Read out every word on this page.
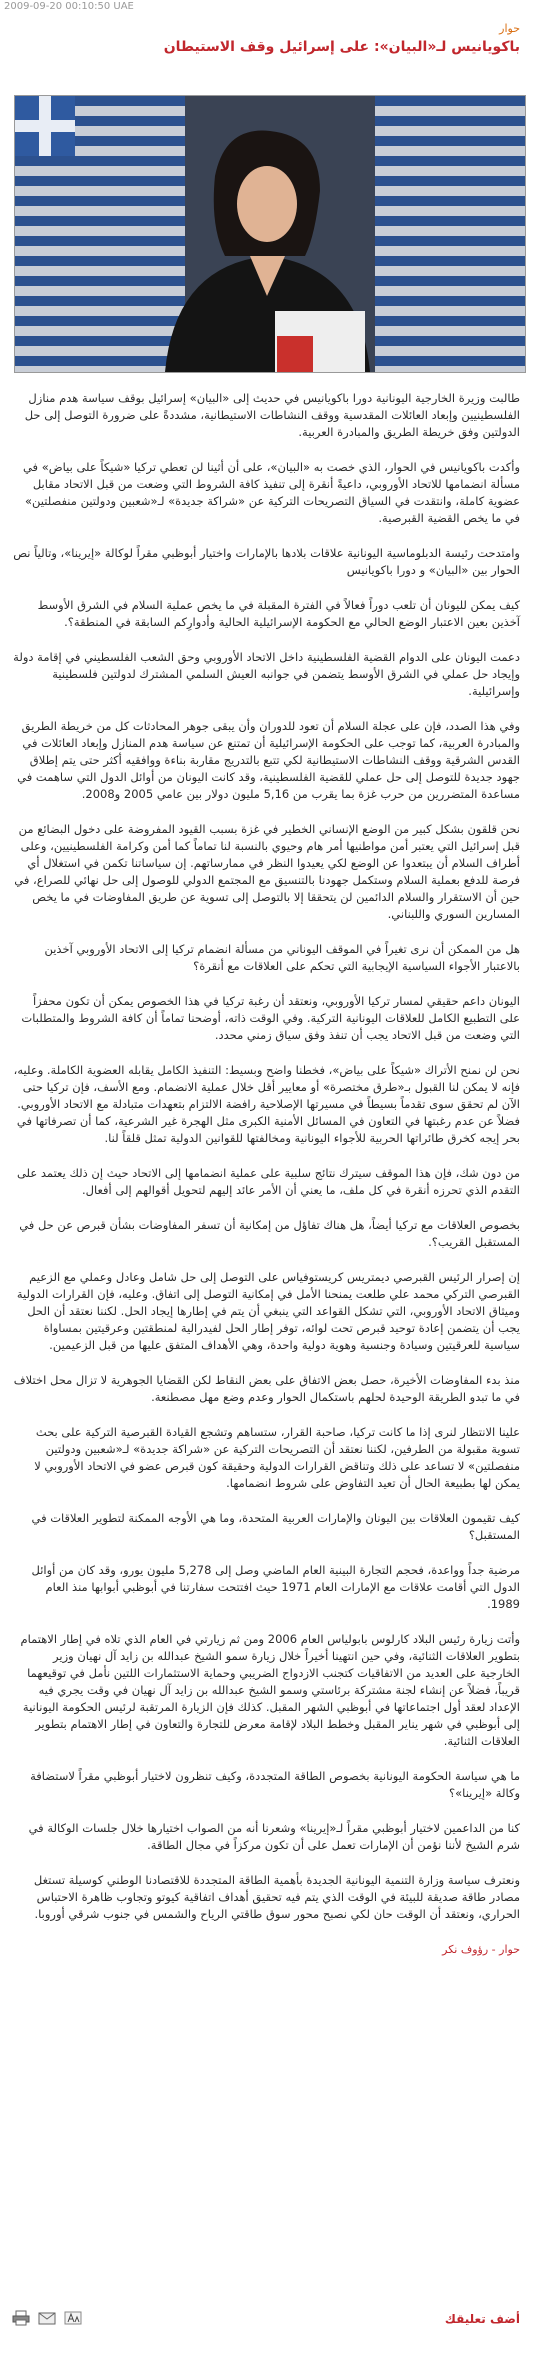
2009-09-20 00:10:50 UAE
حوار
باكويانيس لـ«البيان»: على إسرائيل وقف الاستيطان

طالبت وزيرة الخارجية اليونانية دورا باكويانيس في حديث إلى «البيان» إسرائيل بوقف سياسة هدم منازل الفلسطينيين وإبعاد العائلات المقدسية ووقف النشاطات الاستيطانية، مشددةً على ضرورة التوصل إلى حل الدولتين وفق خريطة الطريق والمبادرة العربية.

وأكدت باكويانيس في الحوار، الذي خصت به «البيان»، على أن أثينا لن تعطي تركيا «شيكاً على بياض» في مسألة انضمامها للاتحاد الأوروبي، داعيةً أنقرة إلى تنفيذ كافة الشروط التي وضعت من قبل الاتحاد مقابل عضوية كاملة، وانتقدت في السياق التصريحات التركية عن «شراكة جديدة» لـ«شعبين ودولتين منفصلتين» في ما يخص القضية القبرصية.

وامتدحت رئيسة الدبلوماسية اليونانية علاقات بلادها بالإمارات واختيار أبوظبي مقراً لوكالة «إيرينا»، وتالياً نص الحوار بين «البيان» و دورا باكويانيس

كيف يمكن لليونان أن تلعب دوراً فعالاً في الفترة المقبلة في ما يخص عملية السلام في الشرق الأوسط آخذين بعين الاعتبار الوضع الحالي مع الحكومة الإسرائيلية الحالية وأدوارِكم السابقة في المنطقة؟.

دعمت اليونان على الدوام القضية الفلسطينية داخل الاتحاد الأوروبي وحق الشعب الفلسطيني في إقامة دولة وإيجاد حل عملي في الشرق الأوسط يتضمن في جوانبه العيش السلمي المشترك لدولتين فلسطينية وإسرائيلية.

وفي هذا الصدد، فإن على عجلة السلام أن تعود للدوران وأن يبقى جوهر المحادثات كل من خريطة الطريق والمبادرة العربية، كما توجب على الحكومة الإسرائيلية أن تمتنع عن سياسة هدم المنازل وإبعاد العائلات في القدس الشرقية ووقف النشاطات الاستيطانية لكي تتبع بالتدريج مقاربة بناءة ووافقيه أكثر حتى يتم إطلاق جهود جديدة للتوصل إلى حل عملي للقضية الفلسطينية، وقد كانت اليونان من أوائل الدول التي ساهمت في مساعدة المتضررين من حرب غزة بما يقرب من 5,16 مليون دولار بين عامي 2005 و2008.

نحن قلقون بشكل كبير من الوضع الإنساني الخطير في غزة بسبب القيود المفروضة على دخول البضائع من قبل إسرائيل التي يعتبر أمن مواطنيها أمر هام وحيوي بالنسبة لنا تماماً كما أمن وكرامة الفلسطينيين، وعلى أطراف السلام أن يبتعدوا عن الوضع لكي يعيدوا النظر في ممارساتهم. إن سياساتنا تكمن في استغلال أي فرصة للدفع بعملية السلام وستكمل جهودنا بالتنسيق مع المجتمع الدولي للوصول إلى حل نهائي للصراع، في حين أن الاستقرار والسلام الدائمين لن يتحققا إلا بالتوصل إلى تسوية عن طريق المفاوضات في ما يخص المسارين السوري واللبناني.

هل من الممكن أن نرى تغيراً في الموقف اليوناني من مسألة انضمام تركيا إلى الاتحاد الأوروبي آخذين بالاعتبار الأجواء السياسية الإيجابية التي تحكم على العلاقات مع أنقرة؟

اليونان داعم حقيقي لمسار تركيا الأوروبي، ونعتقد أن رغبة تركيا في هذا الخصوص يمكن أن تكون محفزاً على التطبيع الكامل للعلاقات اليونانية التركية. وفي الوقت ذاته، أوضحنا تماماً أن كافة الشروط والمتطلبات التي وضعت من قبل الاتحاد يجب أن تنفذ وفق سياق زمني محدد.

نحن لن نمنح الأتراك «شيكاً على بياض»، فخطنا واضح وبسيط: التنفيذ الكامل يقابله العضوية الكاملة. وعليه، فإنه لا يمكن لنا القبول بـ«طرق مختصرة» أو معايير أقل خلال عملية الانضمام. ومع الأسف، فإن تركيا حتى الآن لم تحقق سوى تقدماً بسيطاً في مسيرتها الإصلاحية رافضة الالتزام بتعهدات متبادلة مع الاتحاد الأوروبي. فضلاً عن عدم رغبتها في التعاون في المسائل الأمنية الكبرى مثل الهجرة غير الشرعية، كما أن تصرفاتها في بحر إيجه كخرق طائراتها الحربية للأجواء اليونانية ومخالفتها للقوانين الدولية تمثل قلقاً لنا.

من دون شك، فإن هذا الموقف سيترك نتائج سلبية على عملية انضمامها إلى الاتحاد حيث إن ذلك يعتمد على التقدم الذي تحرزه أنقرة في كل ملف، ما يعني أن الأمر عائد إليهم لتحويل أقوالهم إلى أفعال.

بخصوص العلاقات مع تركيا أيضاً، هل هناك تفاؤل من إمكانية أن تسفر المفاوضات بشأن قبرص عن حل في المستقبل القريب؟.

إن إصرار الرئيس القبرصي ديمتريس كريستوفياس على التوصل إلى حل شامل وعادل وعملي مع الزعيم القبرصي التركي محمد علي طلعت يمنحنا الأمل في إمكانية التوصل إلى اتفاق. وعليه، فإن القرارات الدولية وميثاق الاتحاد الأوروبي، التي تشكل القواعد التي ينبغي أن يتم في إطارها إيجاد الحل. لكننا نعتقد أن الحل يجب أن يتضمن إعادة توحيد قبرص تحت لوائه، توفر إطار الحل لفيدرالية لمنطقتين وعرقيتين بمساواة سياسية للعرقيتين وسيادة وجنسية وهوية دولية واحدة، وهي الأهداف المتفق عليها من قبل الزعيمين.

منذ بدء المفاوضات الأخيرة، حصل بعض الاتفاق على بعض النقاط لكن القضايا الجوهرية لا تزال محل اختلاف في ما تبدو الطريقة الوحيدة لحلهم باستكمال الحوار وعدم وضع مهل مصطنعة.

علينا الانتظار لنرى إذا ما كانت تركيا، صاحبة القرار، ستساهم وتشجع القيادة القبرصية التركية على بحث تسوية مقبولة من الطرفين، لكننا نعتقد أن التصريحات التركية عن «شراكة جديدة» لـ«شعبين ودولتين منفصلتين» لا تساعد على ذلك وتناقض القرارات الدولية وحقيقة كون قبرص عضو في الاتحاد الأوروبي لا يمكن لها بطبيعة الحال أن تعيد التفاوض على شروط انضمامها.

كيف تقيمون العلاقات بين اليونان والإمارات العربية المتحدة، وما هي الأوجه الممكنة لتطوير العلاقات في المستقبل؟

مرضية جداً وواعدة، فحجم التجارة البينية العام الماضي وصل إلى 5,278 مليون يورو، وقد كان من أوائل الدول التي أقامت علاقات مع الإمارات العام 1971 حيث افتتحت سفارتنا في أبوظبي أبوابها منذ العام 1989.

وأتت زيارة رئيس البلاد كارلوس بابولياس العام 2006 ومن ثم زيارتي في العام الذي تلاه في إطار الاهتمام بتطوير العلاقات الثنائية، وفي حين انتهينا أخيراً خلال زيارة سمو الشيخ عبدالله بن زايد آل نهيان وزير الخارجية على العديد من الاتفاقيات كتجنب الازدواج الضريبي وحماية الاستثمارات اللتين نأمل في توقيعهما قريباً، فضلاً عن إنشاء لجنة مشتركة برئاستي وسمو الشيخ عبدالله بن زايد آل نهيان في وقت يجري فيه الإعداد لعقد أول اجتماعاتها في أبوظبي الشهر المقبل. كذلك فإن الزيارة المرتقبة لرئيس الحكومة اليونانية إلى أبوظبي في شهر يناير المقبل وخطط البلاد لإقامة معرض للتجارة والتعاون في إطار الاهتمام بتطوير العلاقات الثنائية.

ما هي سياسة الحكومة اليونانية بخصوص الطاقة المتجددة، وكيف تنظرون لاختيار أبوظبي مقراً لاستضافة وكالة «إيرينا»؟

كنا من الداعمين لاختيار أبوظبي مقراً لـ«إيرينا» وشعرنا أنه من الصواب اختيارها خلال جلسات الوكالة في شرم الشيخ لأننا نؤمن أن الإمارات تعمل على أن تكون مركزاً في مجال الطاقة.

ونعترف سياسة وزارة التنمية اليونانية الجديدة بأهمية الطاقة المتجددة للاقتصادنا الوطني كوسيلة تستغل مصادر طاقة صديقة للبيئة في الوقت الذي يتم فيه تحقيق أهداف اتفاقية كيوتو وتجاوب ظاهرة الاحتباس الحراري، ونعتقد أن الوقت حان لكي نصبح محور سوق طاقتي الرياح والشمس في جنوب شرقي أوروبا.

حوار - رؤوف نكر
أضف تعليقك
